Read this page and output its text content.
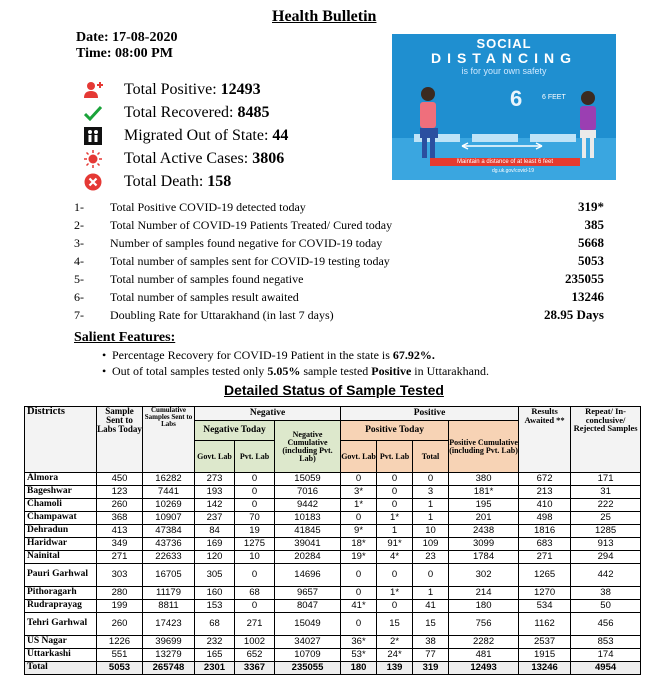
Health Bulletin
Date: 17-08-2020
Time: 08:00 PM
Total Positive: 12493
Total Recovered: 8485
Migrated Out of State: 44
Total Active Cases: 3806
Total Death: 158
6
SOCIAL
DISTANCING
is for your own safety
6 FEET
Maintain a distance of at least 6 feet
dg.uk.gov/covid-19
1-	Total Positive COVID-19 detected today	319*
2-	Total Number of COVID-19 Patients Treated/ Cured today	385
3-	Number of samples found negative for COVID-19 today	5668
4-	Total number of samples sent for COVID-19 testing today	5053
5-	Total number of samples found negative	235055
6-	Total number of samples result awaited	13246
7-	Doubling Rate for Uttarakhand (in last 7 days)	28.95 Days
Salient Features:
• Percentage Recovery for COVID-19 Patient in the state is 67.92%.
• Out of total samples tested only 5.05% sample tested Positive in Uttarakhand.
Detailed Status of Sample Tested
Districts	Sample Sent to Labs Today	Cumulative Samples Sent to Labs	Negative			Positive				Results Awaited **	Repeat/ In-conclusive/ Rejected Samples
			Negative Today		Negative Cumulative (including Pvt. Lab)	Positive Today			Positive Cumulative (including Pvt. Lab)		
			Govt. Lab	Pvt. Lab		Govt. Lab	Pvt. Lab	Total			
Almora	450	16282	273	0	15059	0	0	0	380	672	171
Bageshwar	123	7441	193	0	7016	3*	0	3	181*	213	31
Chamoli	260	10269	142	0	9442	1*	0	1	195	410	222
Champawat	368	10907	237	70	10183	0	1*	1	201	498	25
Dehradun	413	47384	84	19	41845	9*	1	10	2438	1816	1285
Haridwar	349	43736	169	1275	39041	18*	91*	109	3099	683	913
Nainital	271	22633	120	10	20284	19*	4*	23	1784	271	294
Pauri Garhwal	303	16705	305	0	14696	0	0	0	302	1265	442
Pithoragarh	280	11179	160	68	9657	0	1*	1	214	1270	38
Rudraprayag	199	8811	153	0	8047	41*	0	41	180	534	50
Tehri Garhwal	260	17423	68	271	15049	0	15	15	756	1162	456
US Nagar	1226	39699	232	1002	34027	36*	2*	38	2282	2537	853
Uttarkashi	551	13279	165	652	10709	53*	24*	77	481	1915	174
Total	5053	265748	2301	3367	235055	180	139	319	12493	13246	4954
